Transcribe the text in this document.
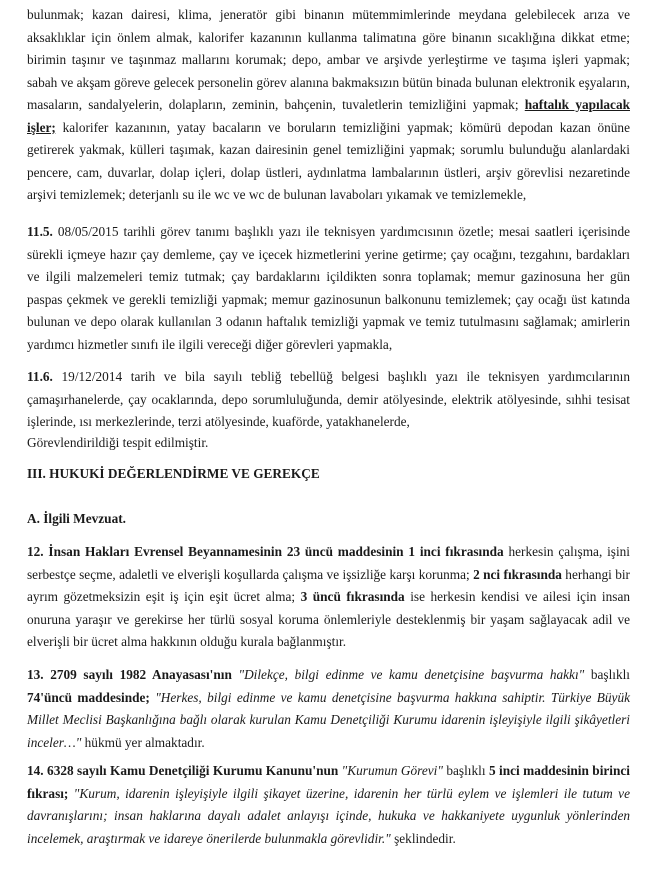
bulunmak; kazan dairesi, klima, jeneratör gibi binanın mütemmimlerinde meydana gelebilecek arıza ve aksaklıklar için önlem almak, kalorifer kazanının kullanma talimatına göre binanın sıcaklığına dikkat etme; birimin taşınır ve taşınmaz mallarını korumak; depo, ambar ve arşivde yerleştirme ve taşıma işleri yapmak; sabah ve akşam göreve gelecek personelin görev alanına bakmaksızın bütün binada bulunan elektronik eşyaların, masaların, sandalyelerin, dolapların, zeminin, bahçenin, tuvaletlerin temizliğini yapmak; haftalık yapılacak işler; kalorifer kazanının, yatay bacaların ve boruların temizliğini yapmak; kömürü depodan kazan önüne getirerek yakmak, külleri taşımak, kazan dairesinin genel temizliğini yapmak; sorumlu bulunduğu alanlardaki pencere, cam, duvarlar, dolap içleri, dolap üstleri, aydınlatma lambalarının üstleri, arşiv görevlisi nezaretinde arşivi temizlemek; deterjanlı su ile wc ve wc de bulunan lavaboları yıkamak ve temizlemekle,

11.5. 08/05/2015 tarihli görev tanımı başlıklı yazı ile teknisyen yardımcısının özetle; mesai saatleri içerisinde sürekli içmeye hazır çay demleme, çay ve içecek hizmetlerini yerine getirme; çay ocağını, tezgahını, bardakları ve ilgili malzemeleri temiz tutmak; çay bardaklarını içildikten sonra toplamak; memur gazinosuna her gün paspas çekmek ve gerekli temizliği yapmak; memur gazinosunun balkonunu temizlemek; çay ocağı üst katında bulunan ve depo olarak kullanılan 3 odanın haftalık temizliği yapmak ve temiz tutulmasını sağlamak; amirlerin yardımcı hizmetler sınıfı ile ilgili vereceği diğer görevleri yapmakla,

11.6. 19/12/2014 tarih ve bila sayılı tebliğ tebellüğ belgesi başlıklı yazı ile teknisyen yardımcılarının çamaşırhanelerde, çay ocaklarında, depo sorumluluğunda, demir atölyesinde, elektrik atölyesinde, sıhhi tesisat işlerinde, ısı merkezlerinde, terzi atölyesinde, kuaförde, yatakhanelerde,

Görevlendirildiği tespit edilmiştir.

III. HUKUKİ DEĞERLENDİRME VE GEREKÇE

A. İlgili Mevzuat.

12. İnsan Hakları Evrensel Beyannamesinin 23 üncü maddesinin 1 inci fıkrasında herkesin çalışma, işini serbestçe seçme, adaletli ve elverişli koşullarda çalışma ve işsizliğe karşı korunma; 2 nci fıkrasında herhangi bir ayrım gözetmeksizin eşit iş için eşit ücret alma; 3 üncü fıkrasında ise herkesin kendisi ve ailesi için insan onuruna yaraşır ve gerekirse her türlü sosyal koruma önlemleriyle desteklenmiş bir yaşam sağlayacak adil ve elverişli bir ücret alma hakkının olduğu kurala bağlanmıştır.

13. 2709 sayılı 1982 Anayasası'nın "Dilekçe, bilgi edinme ve kamu denetçisine başvurma hakkı" başlıklı 74'üncü maddesinde; "Herkes, bilgi edinme ve kamu denetçisine başvurma hakkına sahiptir. Türkiye Büyük Millet Meclisi Başkanlığına bağlı olarak kurulan Kamu Denetçiliği Kurumu idarenin işleyişiyle ilgili şikâyetleri inceler…" hükmü yer almaktadır.

14. 6328 sayılı Kamu Denetçiliği Kurumu Kanunu'nun "Kurumun Görevi" başlıklı 5 inci maddesinin birinci fıkrası; "Kurum, idarenin işleyişiyle ilgili şikayet üzerine, idarenin her türlü eylem ve işlemleri ile tutum ve davranışlarını; insan haklarına dayalı adalet anlayışı içinde, hukuka ve hakkaniyete uygunluk yönlerinden incelemek, araştırmak ve idareye önerilerde bulunmakla görevlidir." şeklindedir.
